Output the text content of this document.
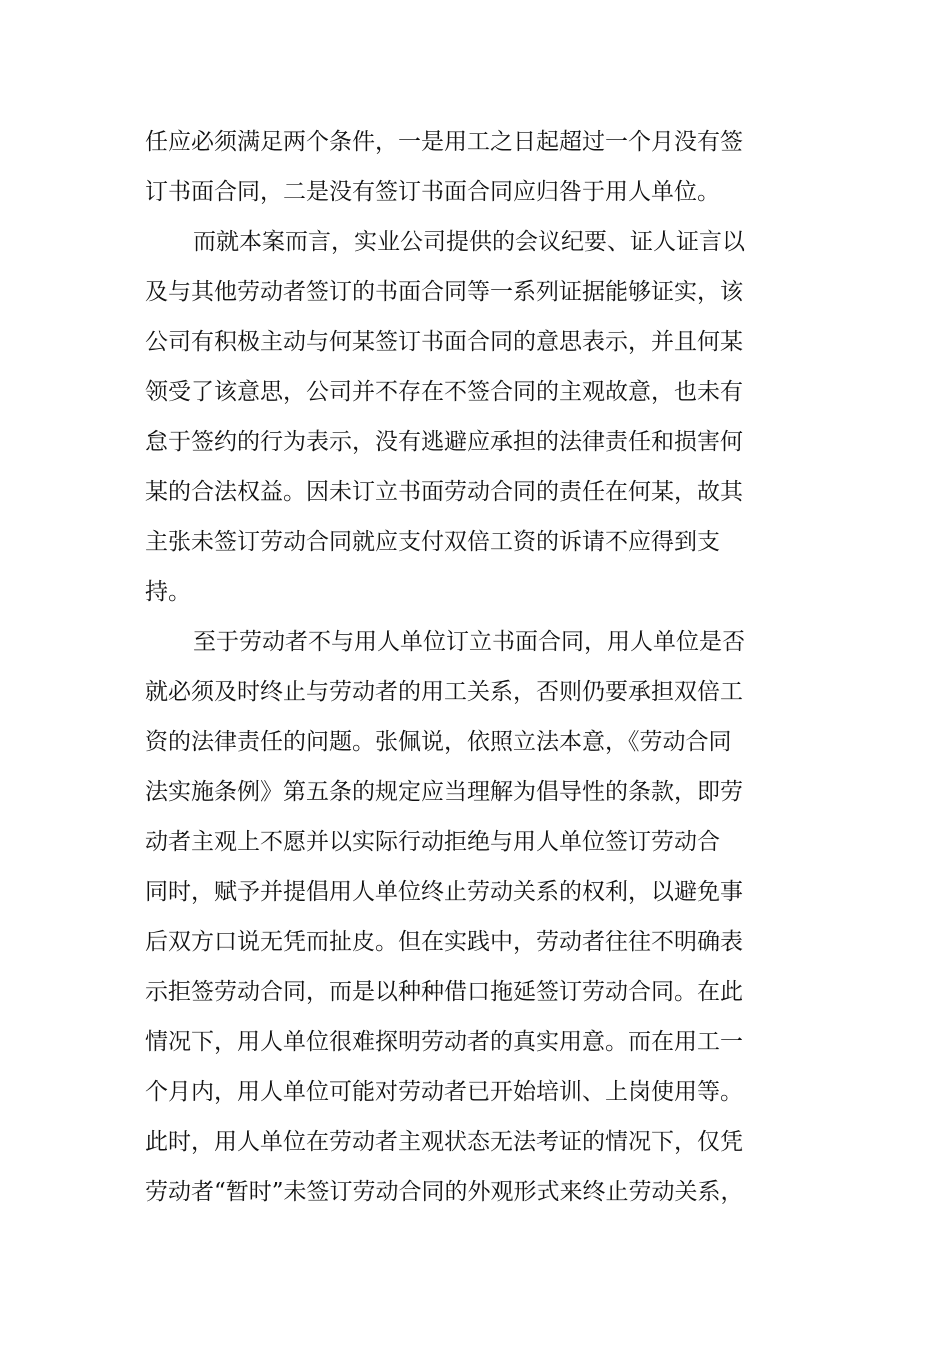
任应必须满足两个条件，一是用工之日起超过一个月没有签
订书面合同，二是没有签订书面合同应归咎于用人单位。
而就本案而言，实业公司提供的会议纪要、证人证言以
及与其他劳动者签订的书面合同等一系列证据能够证实，该
公司有积极主动与何某签订书面合同的意思表示，并且何某
领受了该意思，公司并不存在不签合同的主观故意，也未有
怠于签约的行为表示，没有逃避应承担的法律责任和损害何
某的合法权益。因未订立书面劳动合同的责任在何某，故其
主张未签订劳动合同就应支付双倍工资的诉请不应得到支
持。
至于劳动者不与用人单位订立书面合同，用人单位是否
就必须及时终止与劳动者的用工关系，否则仍要承担双倍工
资的法律责任的问题。张佩说，依照立法本意，《劳动合同
法实施条例》第五条的规定应当理解为倡导性的条款，即劳
动者主观上不愿并以实际行动拒绝与用人单位签订劳动合
同时，赋予并提倡用人单位终止劳动关系的权利，以避免事
后双方口说无凭而扯皮。但在实践中，劳动者往往不明确表
示拒签劳动合同，而是以种种借口拖延签订劳动合同。在此
情况下，用人单位很难探明劳动者的真实用意。而在用工一
个月内，用人单位可能对劳动者已开始培训、上岗使用等。
此时，用人单位在劳动者主观状态无法考证的情况下，仅凭
劳动者“暂时”未签订劳动合同的外观形式来终止劳动关系，
